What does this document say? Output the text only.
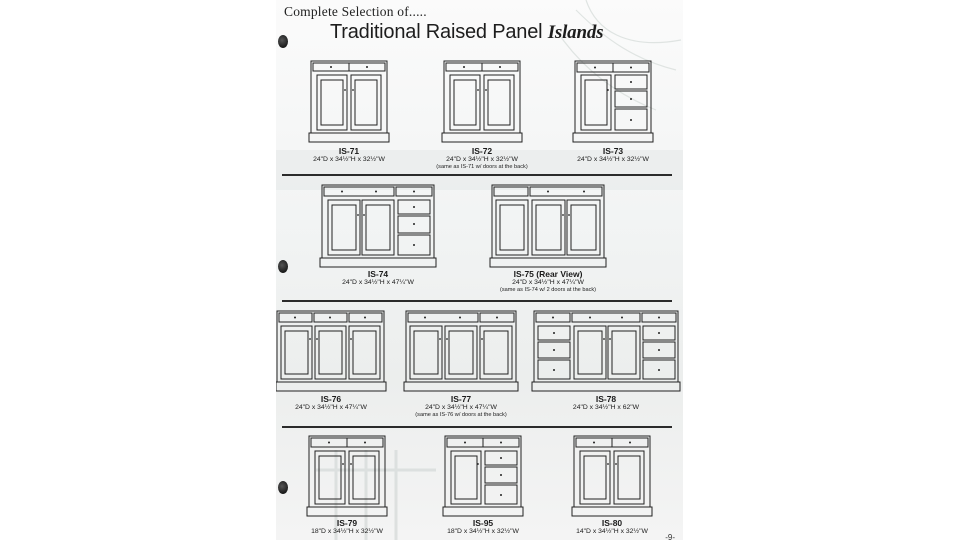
Complete Selection of.....
Traditional Raised Panel Islands
IS-71
24"D x 34½"H x 32½"W
IS-72
24"D x 34½"H x 32½"W
(same as IS-71 w/ doors at the back)
IS-73
24"D x 34½"H x 32½"W
IS-74
24"D x 34½"H x 47¼"W
IS-75 (Rear View)
24"D x 34½"H x 47¼"W
(same as IS-74 w/ 2 doors at the back)
IS-76
24"D x 34½"H x 47¼"W
IS-77
24"D x 34½"H x 47¼"W
(same as IS-76 w/ doors at the back)
IS-78
24"D x 34½"H x 62"W
IS-79
18"D x 34½"H x 32½"W
IS-95
18"D x 34½"H x 32½"W
IS-80
14"D x 34½"H x 32½"W
-9-
